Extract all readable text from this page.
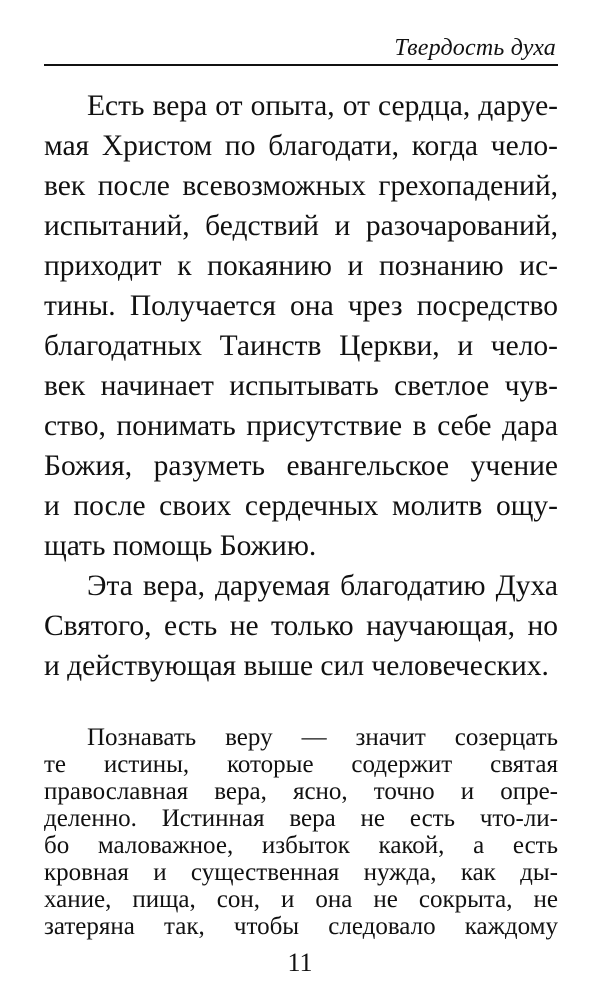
Твердость духа
Есть вера от опыта, от сердца, даруе-
мая Христом по благодати, когда чело-
век после всевозможных грехопадений,
испытаний, бедствий и разочарований,
приходит к покаянию и познанию ис-
тины. Получается она чрез посредство
благодатных Таинств Церкви, и чело-
век начинает испытывать светлое чув-
ство, понимать присутствие в себе дара
Божия, разуметь евангельское учение
и после своих сердечных молитв ощу-
щать помощь Божию.
Эта вера, даруемая благодатию Духа
Святого, есть не только научающая, но
и действующая выше сил человеческих.
Познавать веру — значит созерцать
те истины, которые содержит святая
православная вера, ясно, точно и опре-
деленно. Истинная вера не есть что-ли-
бо маловажное, избыток какой, а есть
кровная и существенная нужда, как ды-
хание, пища, сон, и она не сокрыта, не
затеряна так, чтобы следовало каждому
11
